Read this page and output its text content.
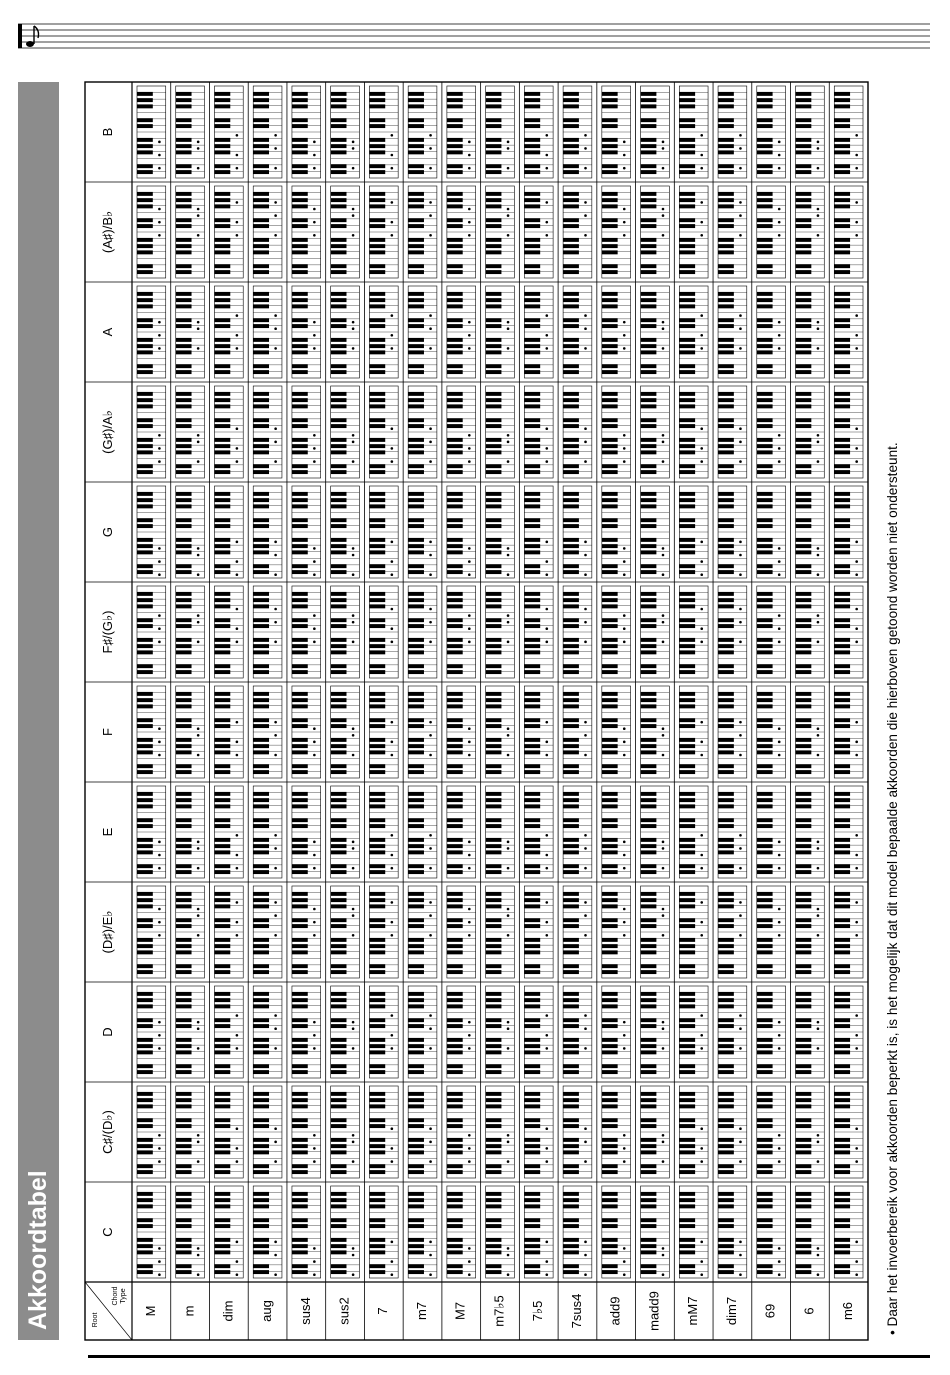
Akkoordtabel	Root
Chord Type
C
C♯/(D♭)
D
(D♯)/E♭
E
F
F♯/(G♭)
G
(G♯)/A♭
A
(A♯)/B♭
B
M m dim aug sus4 sus2 7 m7 M7 m7♭5 7♭5 7sus4 add9 madd9 mM7 dim7 69 6 m6 • Daar het invoerbereik voor akkoorden beperkt is, is het mogelijk dat dit model bepaalde akkoorden die hierboven getoond worden niet ondersteunt.
